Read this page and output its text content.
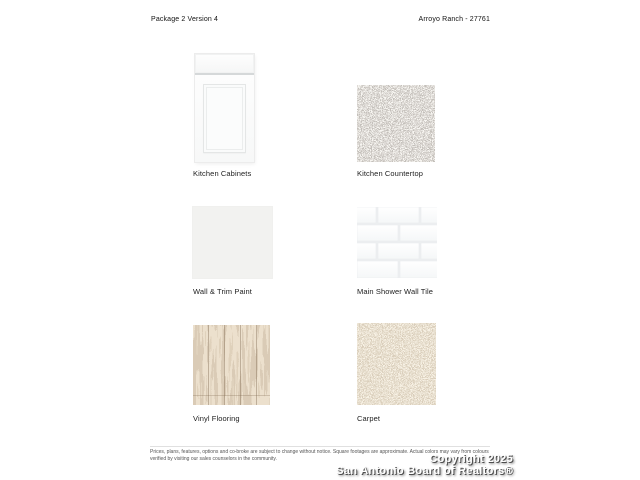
Package 2 Version 4	Arroyo Ranch - 27761
Kitchen Cabinets	Kitchen Countertop
Wall & Trim Paint	Main Shower Wall Tile
Vinyl Flooring	Carpet
Prices, plans, features, options and co-broke are subject to change without notice. Square footages are approximate. Actual colors may vary from colours
verified by visiting our sales counselors in the community.	Copyright 2025
San Antonio Board of Realtors®
